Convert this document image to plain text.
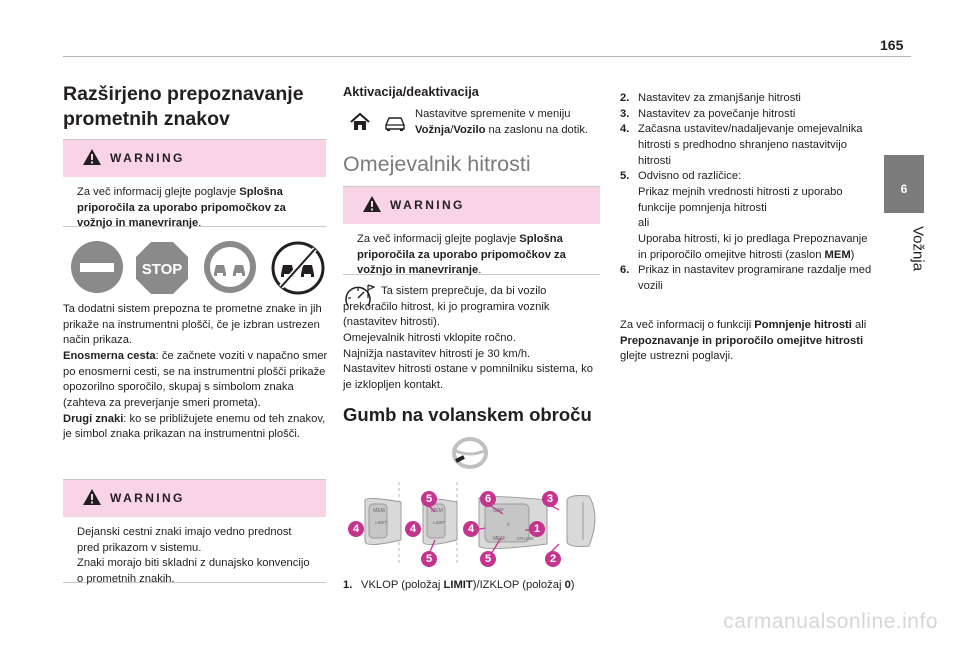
165
6
Vožnja
Razširjeno prepoznavanje prometnih znakov
WARNING
Za več informacij glejte poglavje Splošna priporočila za uporabo pripomočkov za vožnjo in manevriranje.
STOP

Ta dodatni sistem prepozna te prometne znake in jih prikaže na instrumentni plošči, če je izbran ustrezen način prikaza.

Enosmerna cesta: če začnete voziti v napačno smer po enosmerni cesti, se na instrumentni plošči prikaže opozorilno sporočilo, skupaj s simbolom znaka (zahteva za preverjanje smeri prometa).

Drugi znaki: ko se približujete enemu od teh znakov, je simbol znaka prikazan na instrumentni plošči.

WARNING

Dejanski cestni znaki imajo vedno prednost pred prikazom v sistemu.

Znaki morajo biti skladni z dunajsko konvencijo o prometnih znakih.

Aktivacija/deaktivacija
Nastavitve spremenite v meniju Vožnja/Vozilo na zaslonu na dotik.
Omejevalnik hitrosti
WARNING
Za več informacij glejte poglavje Splošna priporočila za uporabo pripomočkov za vožnjo in manevriranje.

Ta sistem preprečuje, da bi vozilo prekoračilo hitrost, ki jo programira voznik (nastavitev hitrosti).

Omejevalnik hitrosti vklopite ročno.

Najnižja nastavitev hitrosti je 30 km/h.

Nastavitev hitrosti ostane v pomnilniku sistema, ko je izklopljen kontakt.

Gumb na volanskem obroču
MEM
LIMIT
MEM
LIMIT
GAP
MEM
0
CRUISE
5
4	4
5
6
4	1
5
3
2
1. VKLOP (položaj LIMIT)/IZKLOP (položaj 0)
2. Nastavitev za zmanjšanje hitrosti
3. Nastavitev za povečanje hitrosti
4. Začasna ustavitev/nadaljevanje omejevalnika hitrosti s predhodno shranjeno nastavitvijo hitrosti
5. Odvisno od različice:
Prikaz mejnih vrednosti hitrosti z uporabo funkcije pomnjenja hitrosti
ali
Uporaba hitrosti, ki jo predlaga Prepoznavanje in priporočilo omejitve hitrosti (zaslon MEM)
6. Prikaz in nastavitev programirane razdalje med vozili
Za več informacij o funkciji Pomnjenje hitrosti ali Prepoznavanje in priporočilo omejitve hitrosti glejte ustrezni poglavji.
carmanualsonline.info
